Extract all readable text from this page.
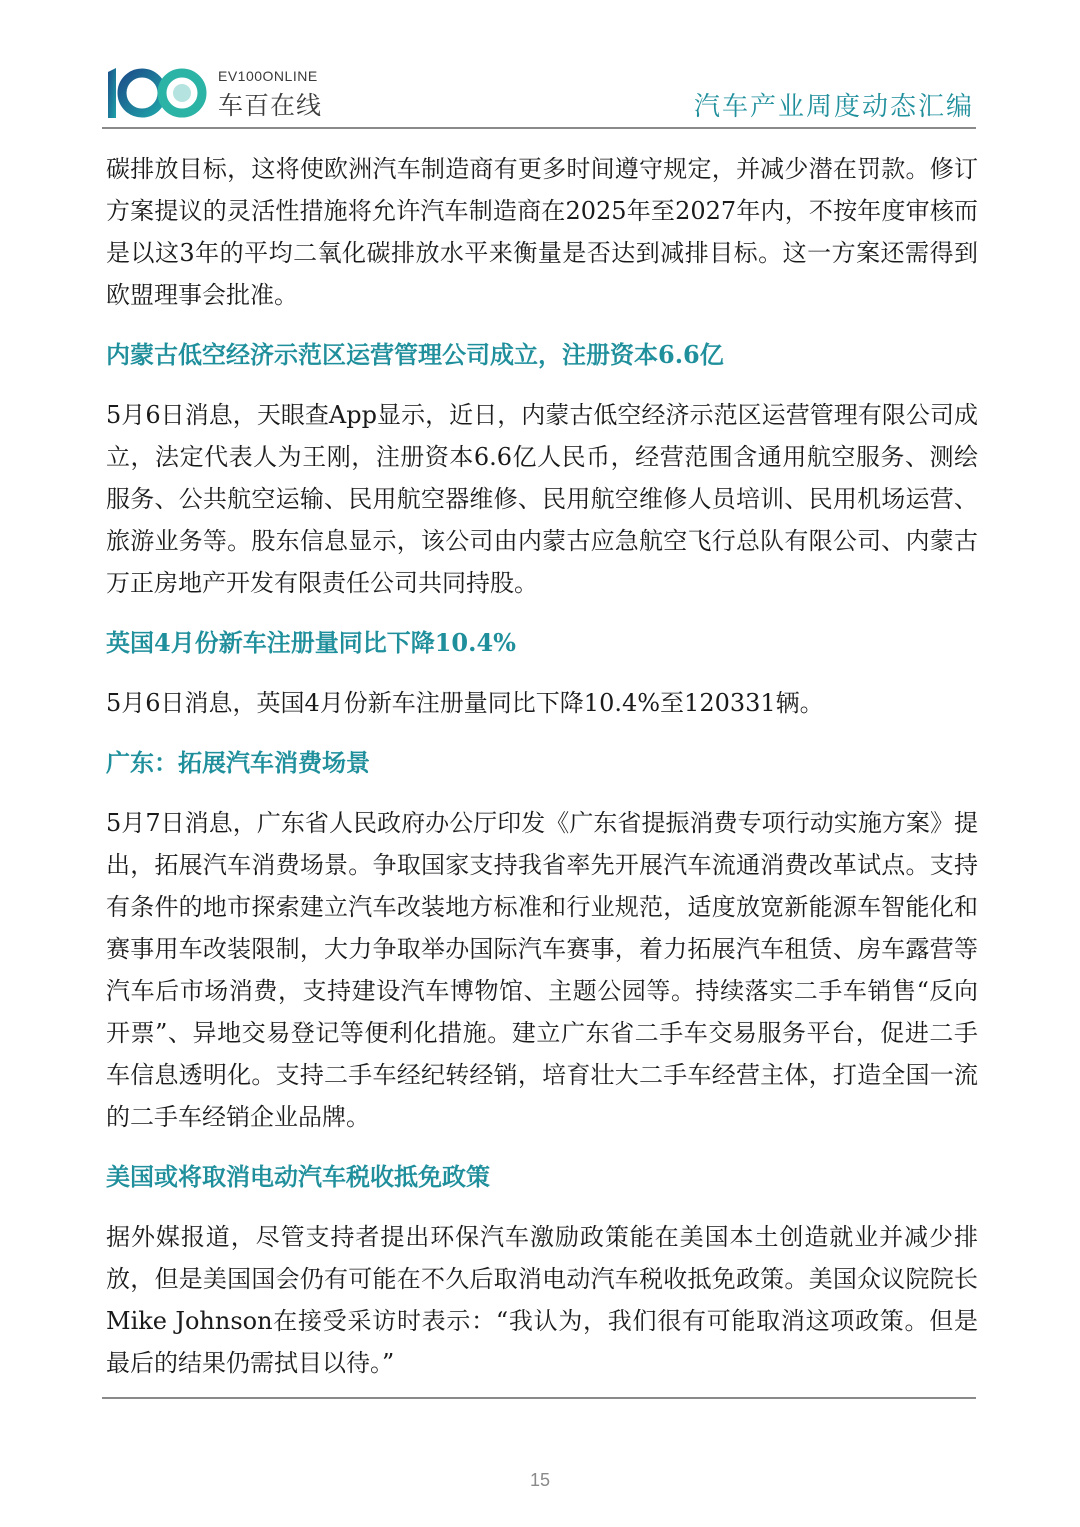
EV100ONLINE
车百在线	汽车产业周度动态汇编

碳排放目标，这将使欧洲汽车制造商有更多时间遵守规定，并减少潜在罚款。修订方案提议的灵活性措施将允许汽车制造商在2025年至2027年内，不按年度审核而是以这3年的平均二氧化碳排放水平来衡量是否达到减排目标。这一方案还需得到欧盟理事会批准。

内蒙古低空经济示范区运营管理公司成立，注册资本6.6亿

5月6日消息，天眼查App显示，近日，内蒙古低空经济示范区运营管理有限公司成立，法定代表人为王刚，注册资本6.6亿人民币，经营范围含通用航空服务、测绘服务、公共航空运输、民用航空器维修、民用航空维修人员培训、民用机场运营、旅游业务等。股东信息显示，该公司由内蒙古应急航空飞行总队有限公司、内蒙古万正房地产开发有限责任公司共同持股。

英国4月份新车注册量同比下降10.4%

5月6日消息，英国4月份新车注册量同比下降10.4%至120331辆。

广东：拓展汽车消费场景

5月7日消息，广东省人民政府办公厅印发《广东省提振消费专项行动实施方案》提出，拓展汽车消费场景。争取国家支持我省率先开展汽车流通消费改革试点。支持有条件的地市探索建立汽车改装地方标准和行业规范，适度放宽新能源车智能化和赛事用车改装限制，大力争取举办国际汽车赛事，着力拓展汽车租赁、房车露营等汽车后市场消费，支持建设汽车博物馆、主题公园等。持续落实二手车销售“反向开票”、异地交易登记等便利化措施。建立广东省二手车交易服务平台，促进二手车信息透明化。支持二手车经纪转经销，培育壮大二手车经营主体，打造全国一流的二手车经销企业品牌。

美国或将取消电动汽车税收抵免政策

据外媒报道，尽管支持者提出环保汽车激励政策能在美国本土创造就业并减少排放，但是美国国会仍有可能在不久后取消电动汽车税收抵免政策。美国众议院院长Mike Johnson在接受采访时表示：“我认为，我们很有可能取消这项政策。但是最后的结果仍需拭目以待。”

15
